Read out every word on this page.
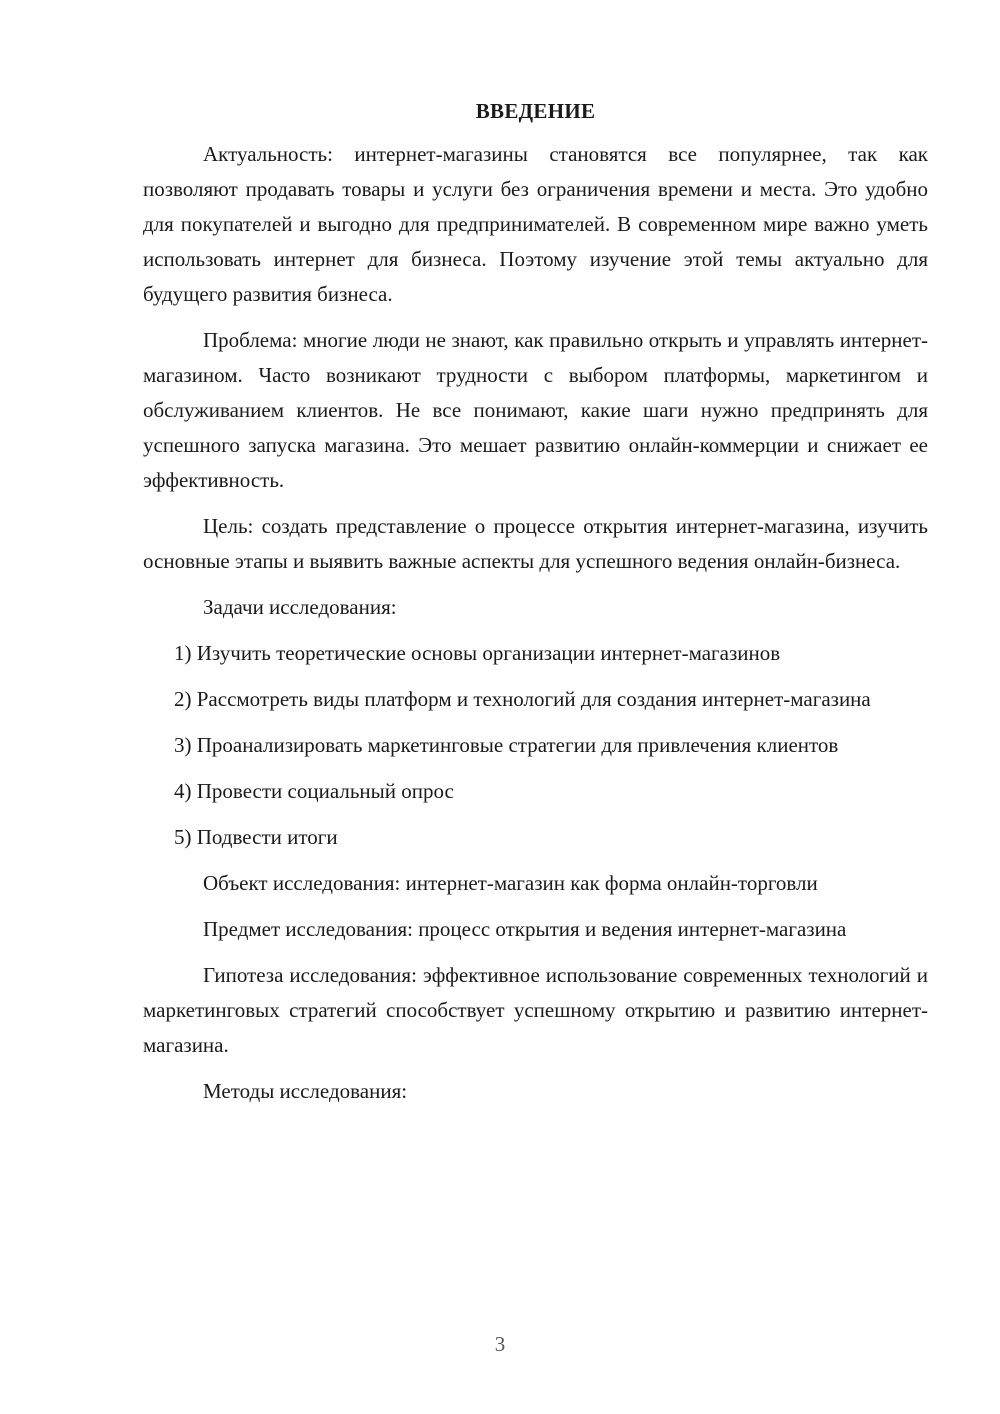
ВВЕДЕНИЕ

Актуальность: интернет-магазины становятся все популярнее, так как позволяют продавать товары и услуги без ограничения времени и места. Это удобно для покупателей и выгодно для предпринимателей. В современном мире важно уметь использовать интернет для бизнеса. Поэтому изучение этой темы актуально для будущего развития бизнеса.

Проблема: многие люди не знают, как правильно открыть и управлять интернет-магазином. Часто возникают трудности с выбором платформы, маркетингом и обслуживанием клиентов. Не все понимают, какие шаги нужно предпринять для успешного запуска магазина. Это мешает развитию онлайн-коммерции и снижает ее эффективность.

Цель: создать представление о процессе открытия интернет-магазина, изучить основные этапы и выявить важные аспекты для успешного ведения онлайн-бизнеса.

Задачи исследования:

1) Изучить теоретические основы организации интернет-магазинов

2) Рассмотреть виды платформ и технологий для создания интернет-магазина

3) Проанализировать маркетинговые стратегии для привлечения клиентов

4) Провести социальный опрос

5) Подвести итоги

Объект исследования: интернет-магазин как форма онлайн-торговли

Предмет исследования: процесс открытия и ведения интернет-магазина

Гипотеза исследования: эффективное использование современных технологий и маркетинговых стратегий способствует успешному открытию и развитию интернет-магазина.

Методы исследования:

3
